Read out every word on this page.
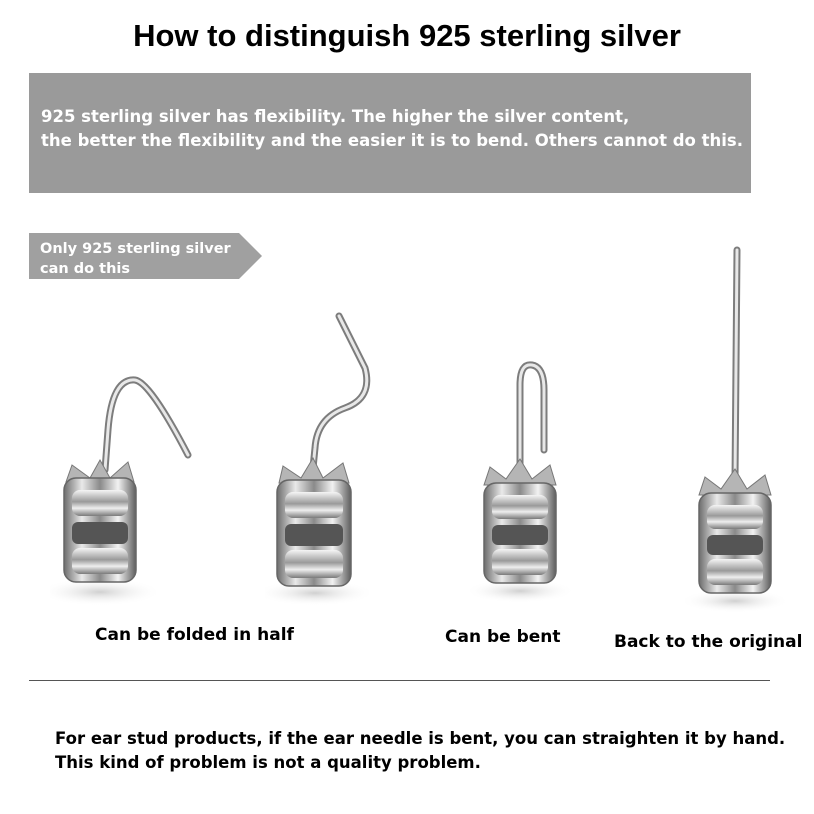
How to distinguish 925 sterling silver
925 sterling silver has flexibility. The higher the silver content,
the better the flexibility and the easier it is to bend. Others cannot do this.
Only 925 sterling silver
can do this
Can be folded in half	Can be bent	Back to the original
For ear stud products, if the ear needle is bent, you can straighten it by hand.
This kind of problem is not a quality problem.
